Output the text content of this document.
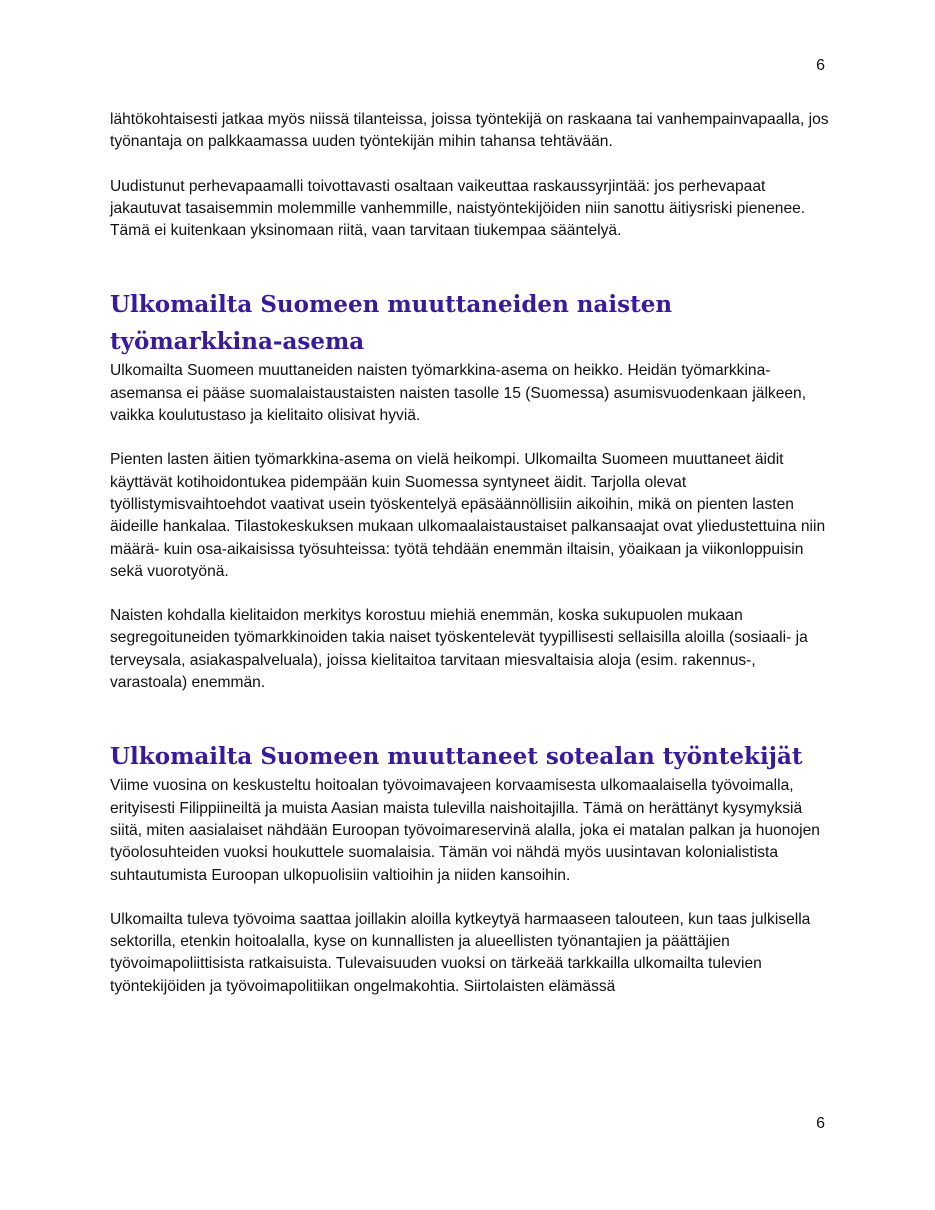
6

lähtökohtaisesti jatkaa myös niissä tilanteissa, joissa työntekijä on raskaana tai vanhempainvapaalla, jos työnantaja on palkkaamassa uuden työntekijän mihin tahansa tehtävään.

Uudistunut perhevapaamalli toivottavasti osaltaan vaikeuttaa raskaussyrjintää: jos perhevapaat jakautuvat tasaisemmin molemmille vanhemmille, naistyöntekijöiden niin sanottu äitiysriski pienenee. Tämä ei kuitenkaan yksinomaan riitä, vaan tarvitaan tiukempaa sääntelyä.

Ulkomailta Suomeen muuttaneiden naisten työmarkkina-asema

Ulkomailta Suomeen muuttaneiden naisten työmarkkina-asema on heikko. Heidän työmarkkina-asemansa ei pääse suomalaistaustaisten naisten tasolle 15 (Suomessa) asumisvuodenkaan jälkeen, vaikka koulutustaso ja kielitaito olisivat hyviä.

Pienten lasten äitien työmarkkina-asema on vielä heikompi. Ulkomailta Suomeen muuttaneet äidit käyttävät kotihoidontukea pidempään kuin Suomessa syntyneet äidit. Tarjolla olevat työllistymisvaihtoehdot vaativat usein työskentelyä epäsäännöllisiin aikoihin, mikä on pienten lasten äideille hankalaa. Tilastokeskuksen mukaan ulkomaalaistaustaiset palkansaajat ovat yliedustettuina niin määrä- kuin osa-aikaisissa työsuhteissa: työtä tehdään enemmän iltaisin, yöaikaan ja viikonloppuisin sekä vuorotyönä.

Naisten kohdalla kielitaidon merkitys korostuu miehiä enemmän, koska sukupuolen mukaan segregoituneiden työmarkkinoiden takia naiset työskentelevät tyypillisesti sellaisilla aloilla (sosiaali- ja terveysala, asiakaspalveluala), joissa kielitaitoa tarvitaan miesvaltaisia aloja (esim. rakennus-, varastoala) enemmän.

Ulkomailta Suomeen muuttaneet sotealan työntekijät

Viime vuosina on keskusteltu hoitoalan työvoimavajeen korvaamisesta ulkomaalaisella työvoimalla, erityisesti Filippiineiltä ja muista Aasian maista tulevilla naishoitajilla. Tämä on herättänyt kysymyksiä siitä, miten aasialaiset nähdään Euroopan työvoimareservinä alalla, joka ei matalan palkan ja huonojen työolosuhteiden vuoksi houkuttele suomalaisia. Tämän voi nähdä myös uusintavan kolonialistista suhtautumista Euroopan ulkopuolisiin valtioihin ja niiden kansoihin.

Ulkomailta tuleva työvoima saattaa joillakin aloilla kytkeytyä harmaaseen talouteen, kun taas julkisella sektorilla, etenkin hoitoalalla, kyse on kunnallisten ja alueellisten työnantajien ja päättäjien työvoimapoliittisista ratkaisuista. Tulevaisuuden vuoksi on tärkeää tarkkailla ulkomailta tulevien työntekijöiden ja työvoimapolitiikan ongelmakohtia. Siirtolaisten elämässä

6
